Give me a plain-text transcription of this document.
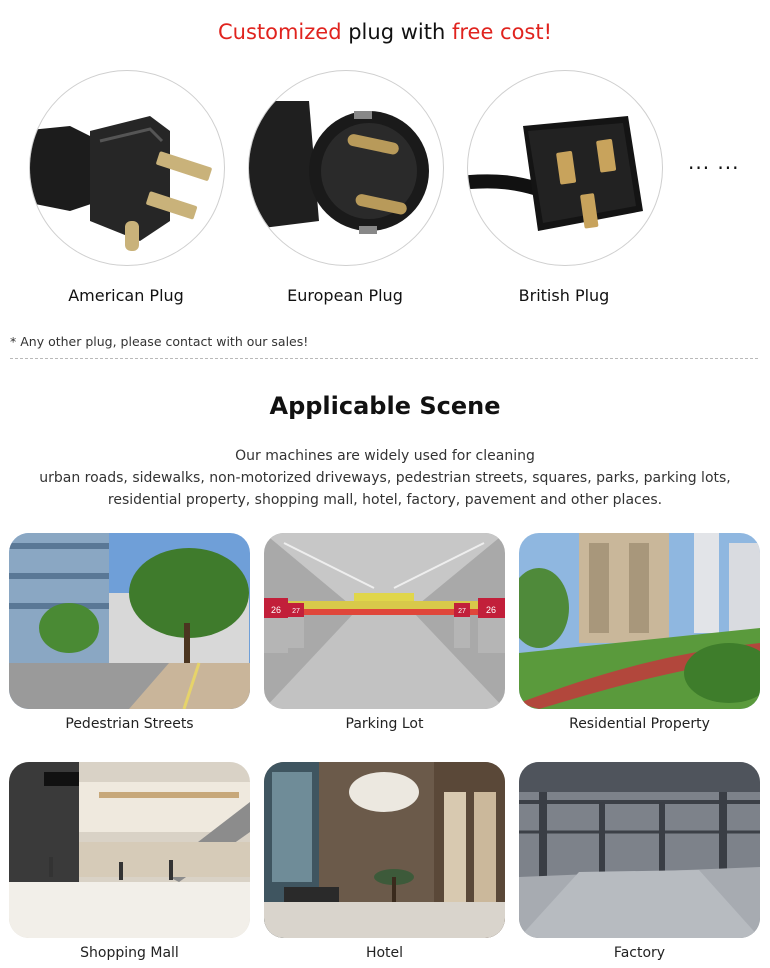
Customized plug with free cost!
American Plug	European Plug	British Plug
... ...
* Any other plug, please contact with our sales!
Applicable Scene
Our machines are widely used for cleaning
urban roads, sidewalks, non-motorized driveways, pedestrian streets, squares, parks, parking lots,
residential property, shopping mall, hotel, factory, pavement and other places.
Pedestrian Streets
26 27	27 26
Parking Lot	Residential Property
Shopping Mall	Hotel	Factory
